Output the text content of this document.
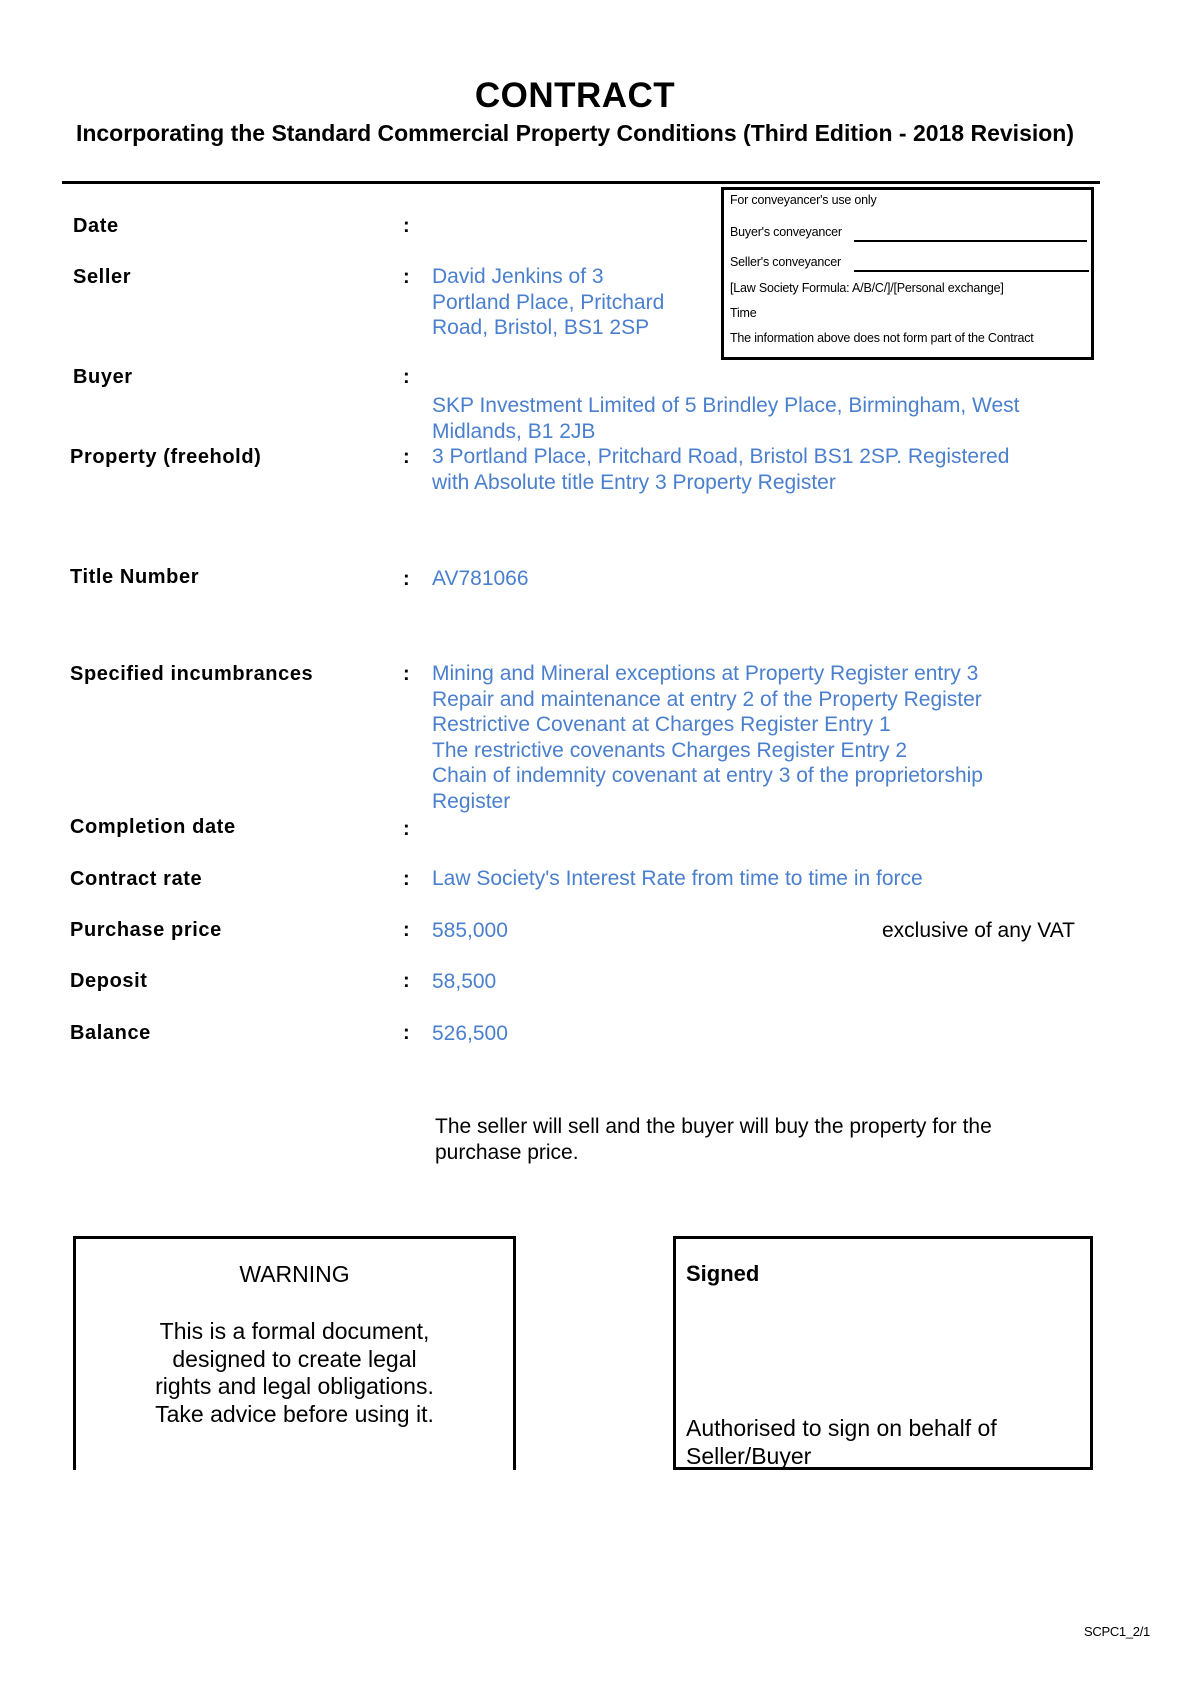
CONTRACT
Incorporating the Standard Commercial Property Conditions (Third Edition - 2018 Revision)
For conveyancer's use only
Buyer's conveyancer
Seller's conveyancer
[Law Society Formula: A/B/C/]/[Personal exchange]
Time
The information above does not form part of the Contract
Date	:
Seller	: David Jenkins of 3
Portland Place, Pritchard
Road, Bristol, BS1 2SP
Buyer	:
SKP Investment Limited of 5 Brindley Place, Birmingham, West
Midlands, B1 2JB
Property (freehold)	: 3 Portland Place, Pritchard Road, Bristol BS1 2SP. Registered
with Absolute title Entry 3 Property Register
Title Number	: AV781066
Specified incumbrances	: Mining and Mineral exceptions at Property Register entry 3
Repair and maintenance at entry 2 of the Property Register
Restrictive Covenant at Charges Register Entry 1
The restrictive covenants Charges Register Entry 2
Chain of indemnity covenant at entry 3 of the proprietorship
Register
Completion date	:
Contract rate	: Law Society's Interest Rate from time to time in force
Purchase price	: 585,000	exclusive of any VAT
Deposit	: 58,500
Balance	: 526,500
The seller will sell and the buyer will buy the property for the
purchase price.
WARNING
This is a formal document,
designed to create legal
rights and legal obligations.
Take advice before using it.
Signed
Authorised to sign on behalf of
Seller/Buyer
SCPC1_2/1
